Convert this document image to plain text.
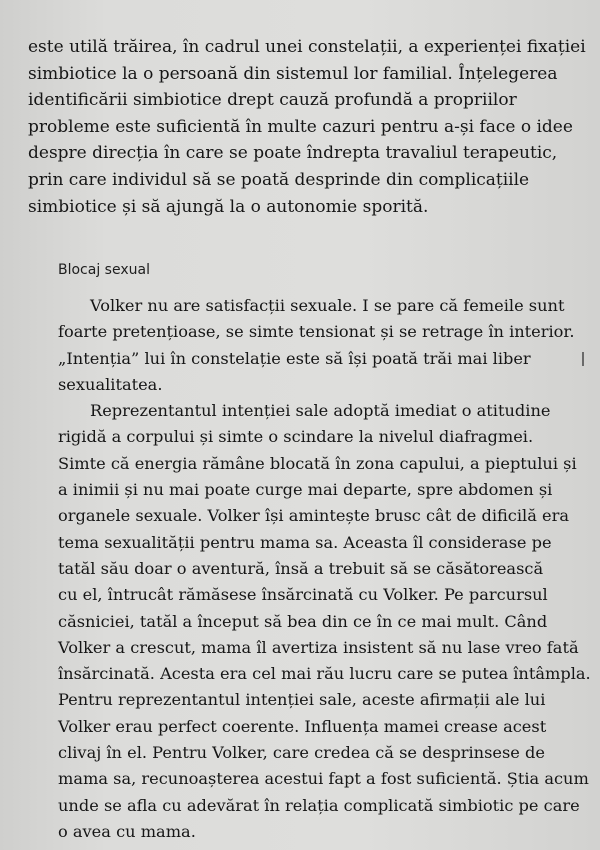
este utilă trăirea, în cadrul unei constelații, a experienței fixației
simbiotice la o persoană din sistemul lor familial. Înțelegerea
identificării simbiotice drept cauză profundă a propriilor
probleme este suficientă în multe cazuri pentru a-și face o idee
despre direcția în care se poate îndrepta travaliul terapeutic,
prin care individul să se poată desprinde din complicațiile
simbiotice și să ajungă la o autonomie sporită.
Blocaj sexual
Volker nu are satisfacții sexuale. I se pare că femeile sunt
foarte pretențioase, se simte tensionat și se retrage în interior.
„Intenția” lui în constelație este să își poată trăi mai liber
sexualitatea.
Reprezentantul intenției sale adoptă imediat o atitudine
rigidă a corpului și simte o scindare la nivelul diafragmei.
Simte că energia rămâne blocată în zona capului, a pieptului și
a inimii și nu mai poate curge mai departe, spre abdomen și
organele sexuale. Volker își amintește brusc cât de dificilă era
tema sexualității pentru mama sa. Aceasta îl considerase pe
tatăl său doar o aventură, însă a trebuit să se căsătorească
cu el, întrucât rămăsese însărcinată cu Volker. Pe parcursul
căsniciei, tatăl a început să bea din ce în ce mai mult. Când
Volker a crescut, mama îl avertiza insistent să nu lase vreo fată
însărcinată. Acesta era cel mai rău lucru care se putea întâmpla.
Pentru reprezentantul intenției sale, aceste afirmații ale lui
Volker erau perfect coerente. Influența mamei crease acest
clivaj în el. Pentru Volker, care credea că se desprinsese de
mama sa, recunoașterea acestui fapt a fost suficientă. Știa acum
unde se afla cu adevărat în relația complicată simbiotic pe care
o avea cu mama.
